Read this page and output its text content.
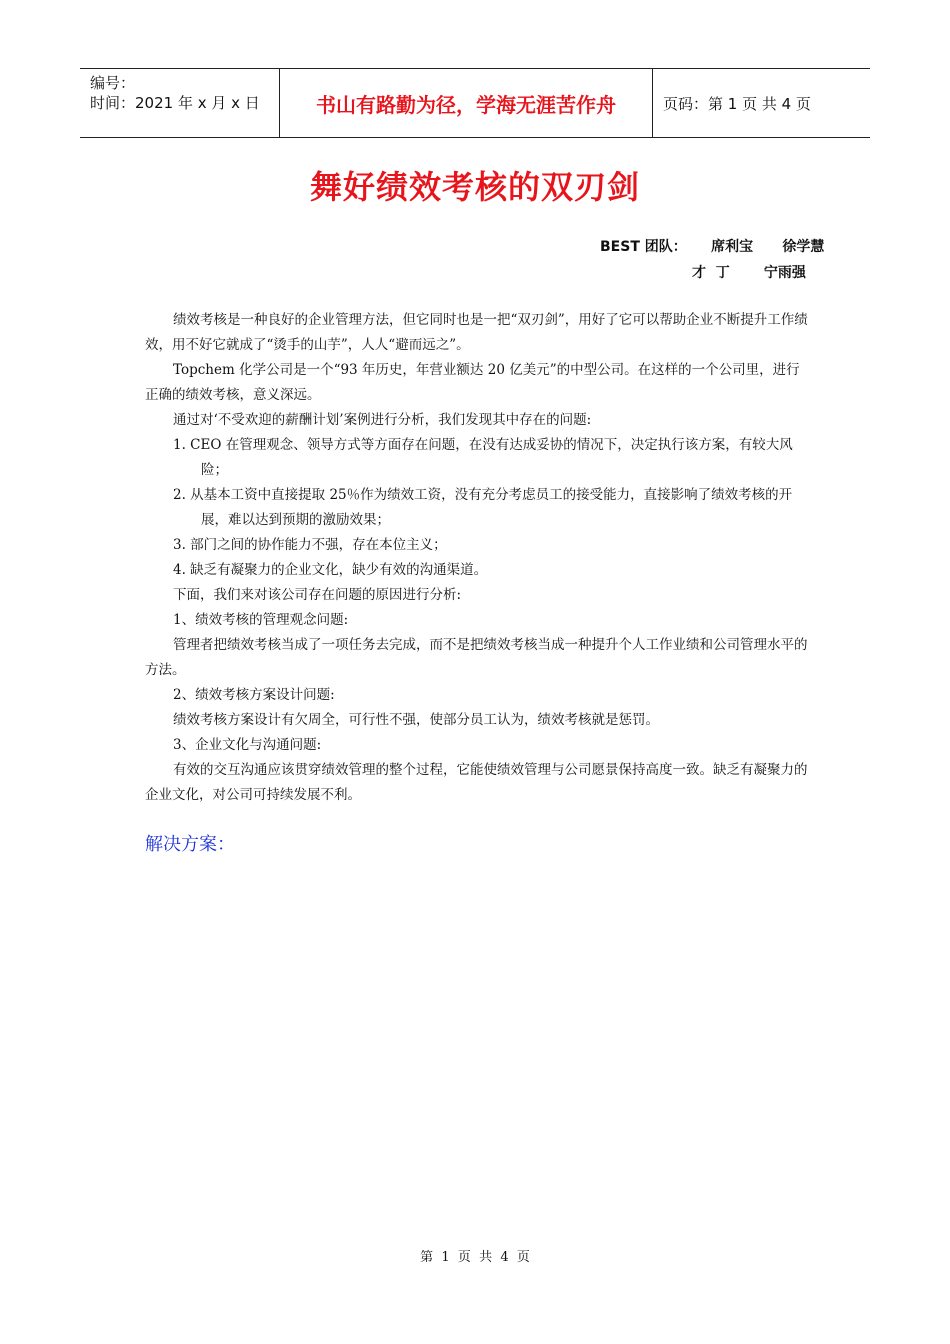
编号：
时间：2021 年 x 月 x 日	书山有路勤为径，学海无涯苦作舟	页码：第 1 页 共 4 页
舞好绩效考核的双刃剑
BEST 团队：     席利宝      徐学慧
才  丁       宁雨强

绩效考核是一种良好的企业管理方法，但它同时也是一把“双刃剑”，用好了它可以帮助企业不断提升工作绩效，用不好它就成了“烫手的山芋”，人人“避而远之”。

Topchem 化学公司是一个“93 年历史，年营业额达 20 亿美元”的中型公司。在这样的一个公司里，进行正确的绩效考核，意义深远。

通过对‘不受欢迎的薪酬计划’案例进行分析，我们发现其中存在的问题:

1. CEO 在管理观念、领导方式等方面存在问题，在没有达成妥协的情况下，决定执行该方案，有较大风险；

2. 从基本工资中直接提取 25％作为绩效工资，没有充分考虑员工的接受能力，直接影响了绩效考核的开展，难以达到预期的激励效果；

3. 部门之间的协作能力不强，存在本位主义；

4. 缺乏有凝聚力的企业文化，缺少有效的沟通渠道。

下面，我们来对该公司存在问题的原因进行分析:

1、绩效考核的管理观念问题:

管理者把绩效考核当成了一项任务去完成，而不是把绩效考核当成一种提升个人工作业绩和公司管理水平的方法。

2、绩效考核方案设计问题:

绩效考核方案设计有欠周全，可行性不强，使部分员工认为，绩效考核就是惩罚。

3、企业文化与沟通问题:

有效的交互沟通应该贯穿绩效管理的整个过程，它能使绩效管理与公司愿景保持高度一致。缺乏有凝聚力的企业文化，对公司可持续发展不利。

解决方案：
第  1  页  共  4  页
